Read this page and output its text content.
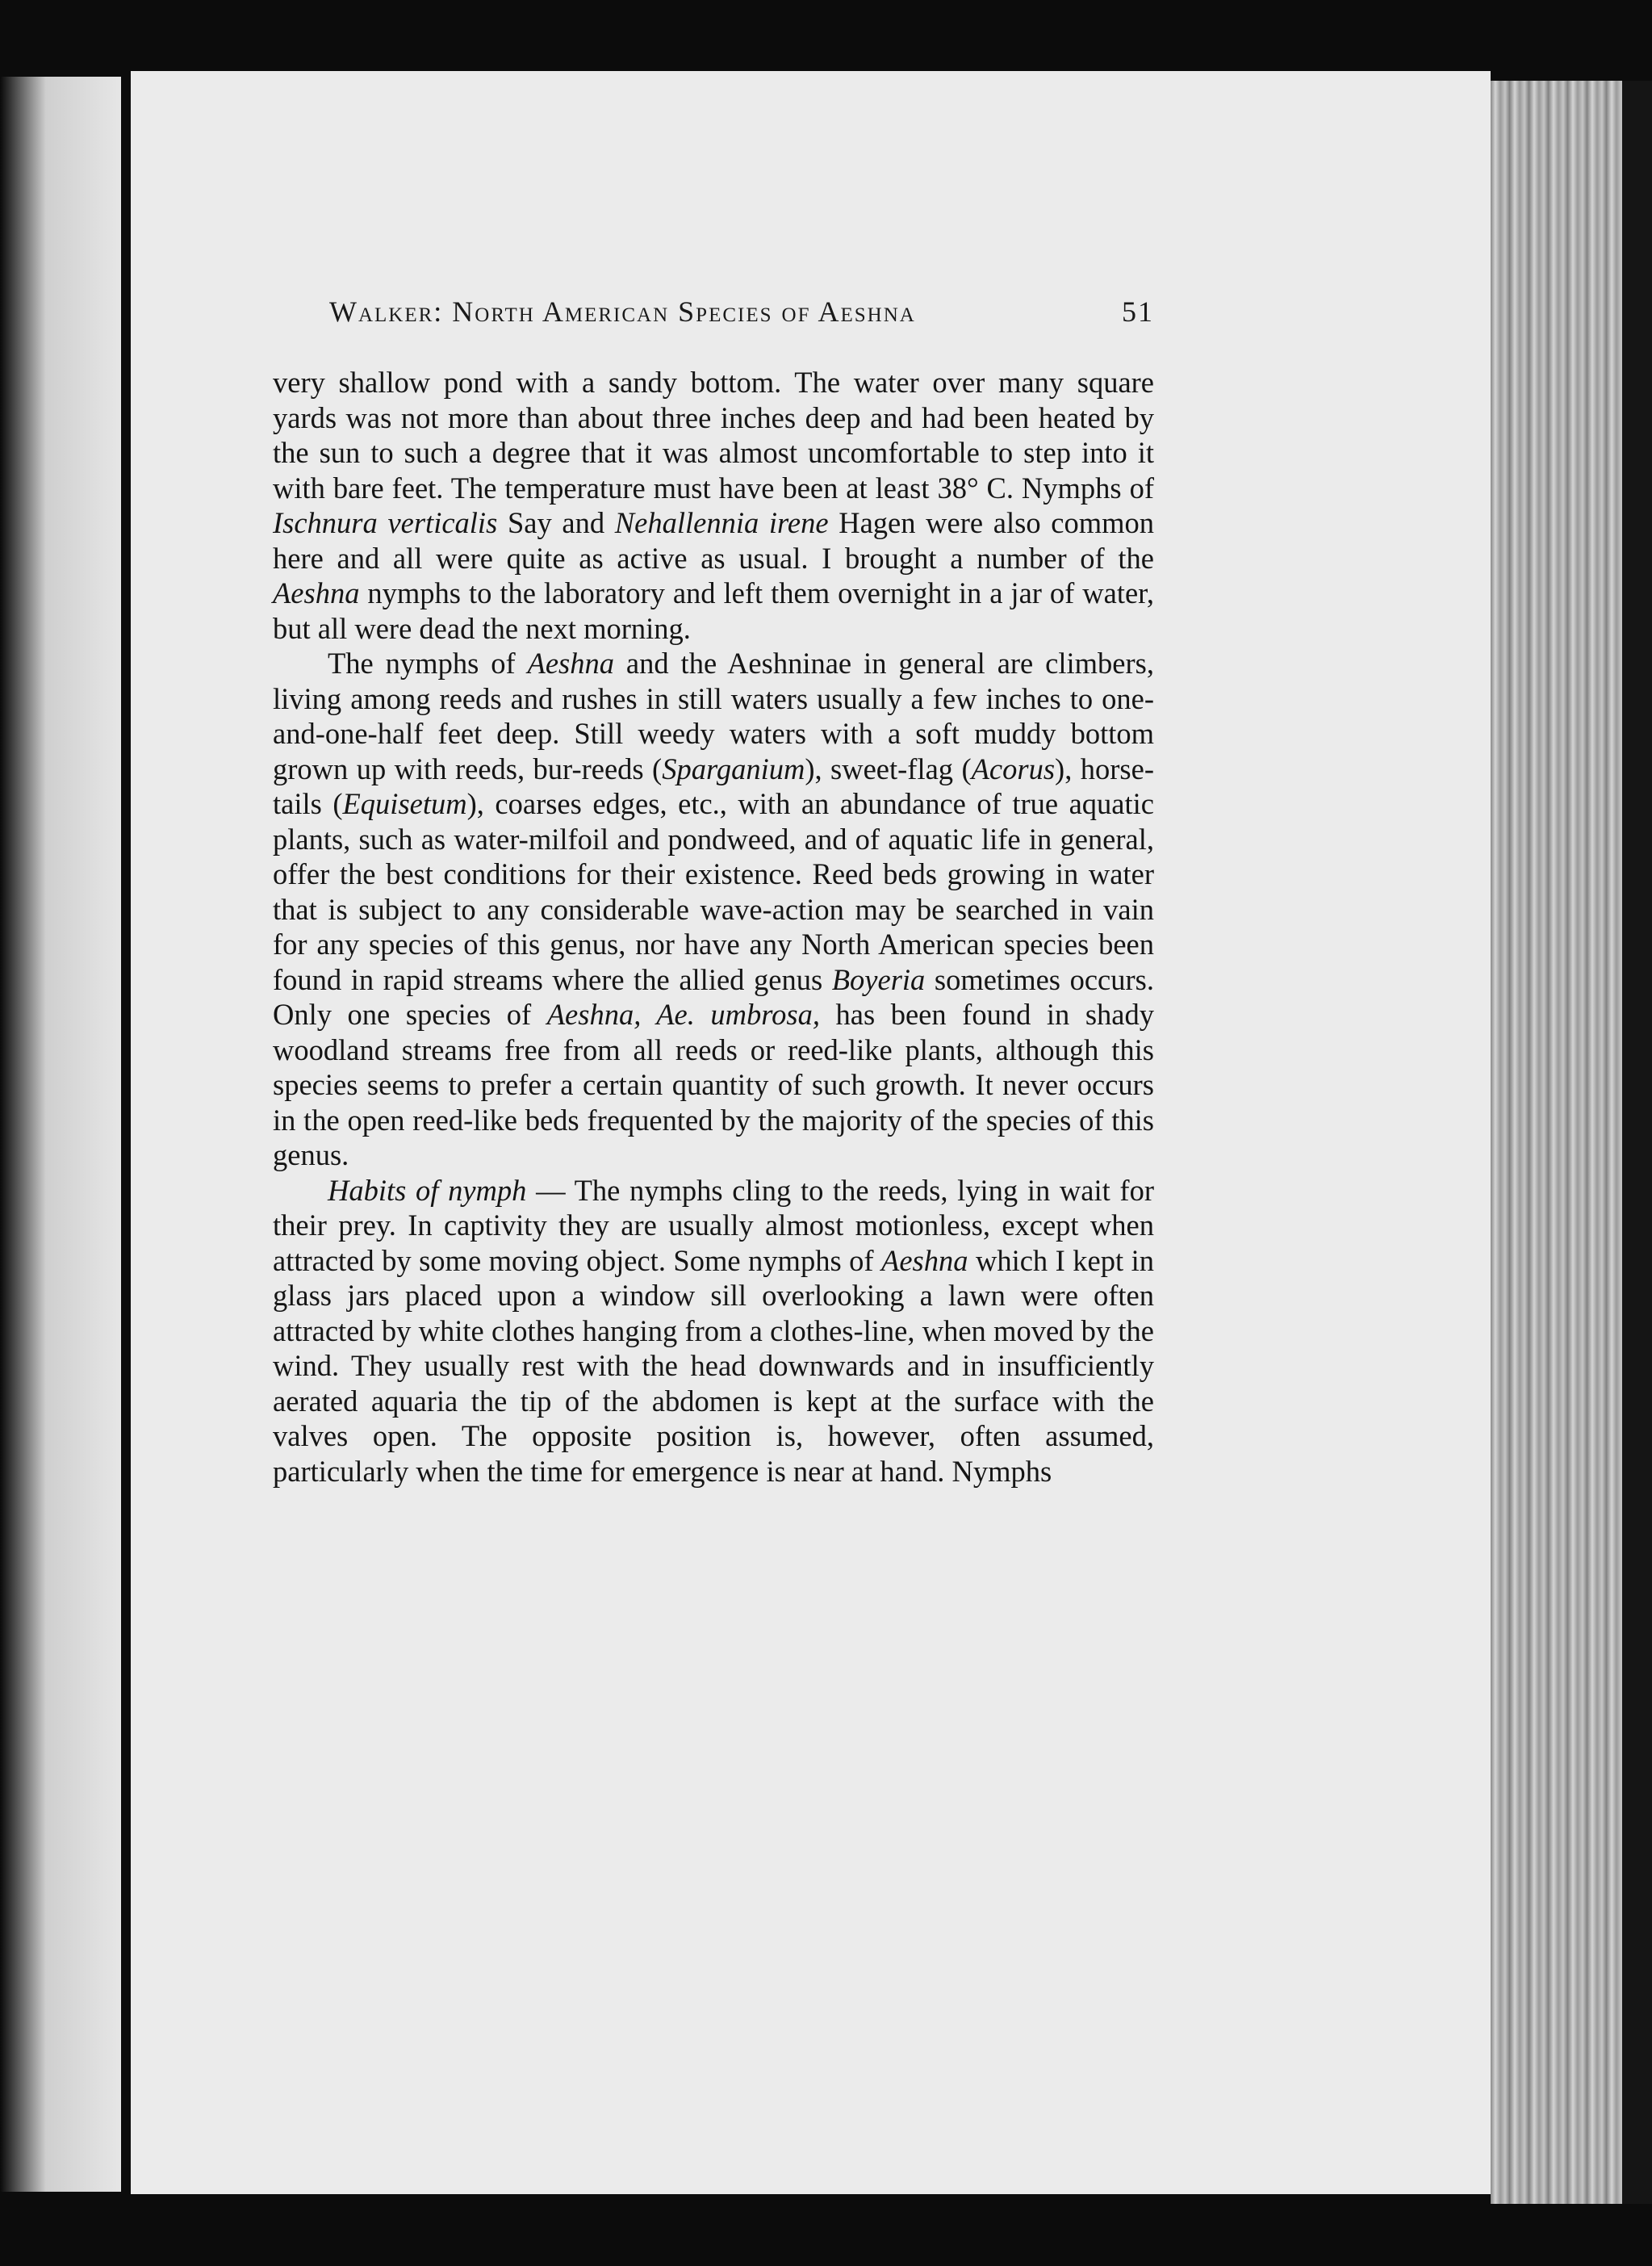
Walker: North American Species of Aeshna	51

very shallow pond with a sandy bottom. The water over many square yards was not more than about three inches deep and had been heated by the sun to such a degree that it was almost uncomfortable to step into it with bare feet. The temperature must have been at least 38° C. Nymphs of Ischnura verticalis Say and Nehallennia irene Hagen were also common here and all were quite as active as usual. I brought a number of the Aeshna nymphs to the laboratory and left them overnight in a jar of water, but all were dead the next morning.

The nymphs of Aeshna and the Aeshninae in general are climbers, living among reeds and rushes in still waters usually a few inches to one-and-one-half feet deep. Still weedy waters with a soft muddy bottom grown up with reeds, bur-reeds (Sparganium), sweet-flag (Acorus), horse-tails (Equisetum), coarses edges, etc., with an abundance of true aquatic plants, such as water-milfoil and pondweed, and of aquatic life in general, offer the best conditions for their existence. Reed beds growing in water that is subject to any considerable wave-action may be searched in vain for any species of this genus, nor have any North American species been found in rapid streams where the allied genus Boyeria sometimes occurs. Only one species of Aeshna, Ae. umbrosa, has been found in shady woodland streams free from all reeds or reed-like plants, although this species seems to prefer a certain quantity of such growth. It never occurs in the open reed-like beds frequented by the majority of the species of this genus.

Habits of nymph — The nymphs cling to the reeds, lying in wait for their prey. In captivity they are usually almost motionless, except when attracted by some moving object. Some nymphs of Aeshna which I kept in glass jars placed upon a window sill overlooking a lawn were often attracted by white clothes hanging from a clothes-line, when moved by the wind. They usually rest with the head downwards and in insufficiently aerated aquaria the tip of the abdomen is kept at the surface with the valves open. The opposite position is, however, often assumed, particularly when the time for emergence is near at hand. Nymphs
